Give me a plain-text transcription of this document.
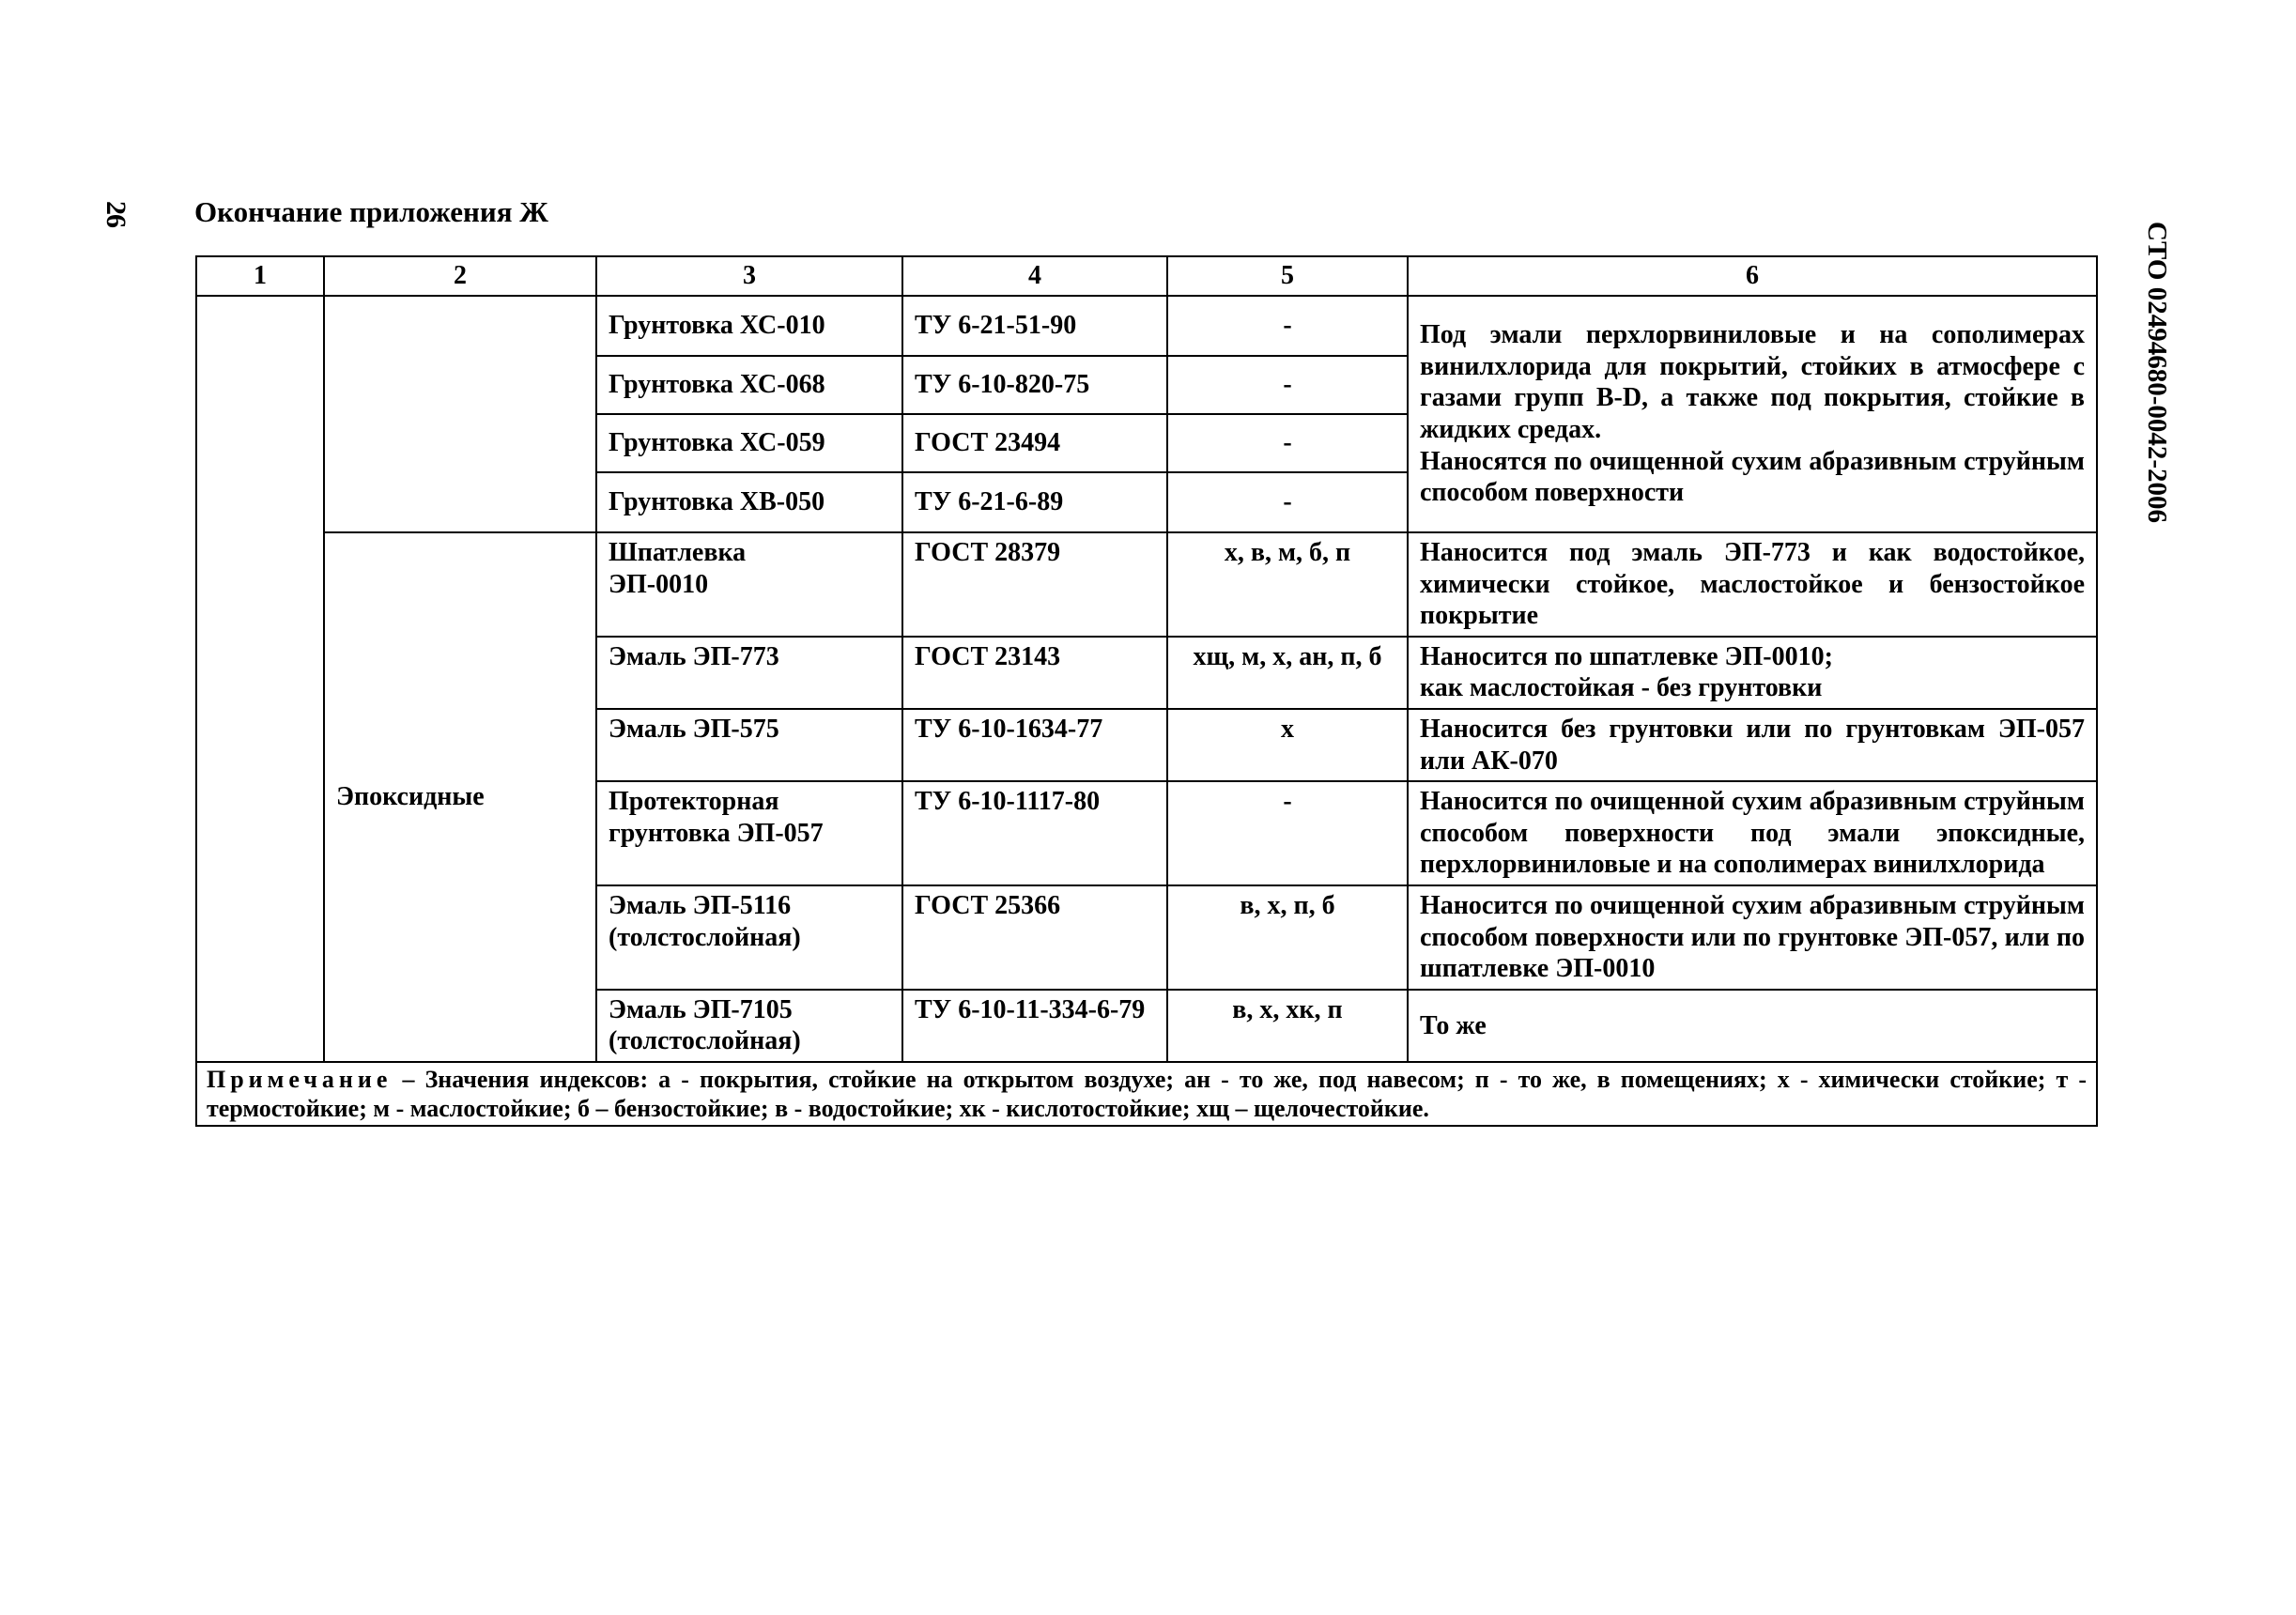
26 Окончание приложения Ж
СТО 02494680-0042-2006
1	2	3	4	5	6
		Грунтовка ХС-010	ТУ 6-21-51-90	-	Под эмали перхлорвиниловые и на сополимерах винилхлорида для покрытий, стойких в атмосфере с газами групп B-D, а также под покрытия, стойкие в жидких средах.
Наносятся по очищенной сухим абразивным струйным способом поверхности
		Грунтовка ХС-068	ТУ 6-10-820-75	-	
		Грунтовка ХС-059	ГОСТ 23494	-	
		Грунтовка ХВ-050	ТУ 6-21-6-89	-	
	Эпоксидные	Шпатлевка
ЭП-0010	ГОСТ 28379	х, в, м, б, п	Наносится под эмаль ЭП-773 и как водостойкое, химически стойкое, маслостойкое и бензостойкое покрытие
		Эмаль ЭП-773	ГОСТ 23143	хщ, м, х, ан, п, б	Наносится по шпатлевке ЭП-0010;
как маслостойкая - без грунтовки
		Эмаль ЭП-575	ТУ 6-10-1634-77	х	Наносится без грунтовки или по грунтовкам ЭП-057 или АК-070
		Протекторная
грунтовка ЭП-057	ТУ 6-10-1117-80	-	Наносится по очищенной сухим абразивным струйным способом поверхности под эмали эпоксидные, перхлорвиниловые и на сополимерах винилхлорида
		Эмаль ЭП-5116
(толстослойная)	ГОСТ 25366	в, х, п, б	Наносится по очищенной сухим абразивным струйным способом поверхности или по грунтовке ЭП-057, или по шпатлевке ЭП-0010
		Эмаль ЭП-7105
(толстослойная)	ТУ 6-10-11-334-6-79	в, х, хк, п	То же
Примечание – Значения индексов: а - покрытия, стойкие на открытом воздухе; ан - то же, под навесом; п - то же, в помещениях; х - химически стойкие; т - термостойкие; м - маслостойкие; б – бензостойкие; в - водостойкие; хк - кислотостойкие; хщ – щелочестойкие.					
